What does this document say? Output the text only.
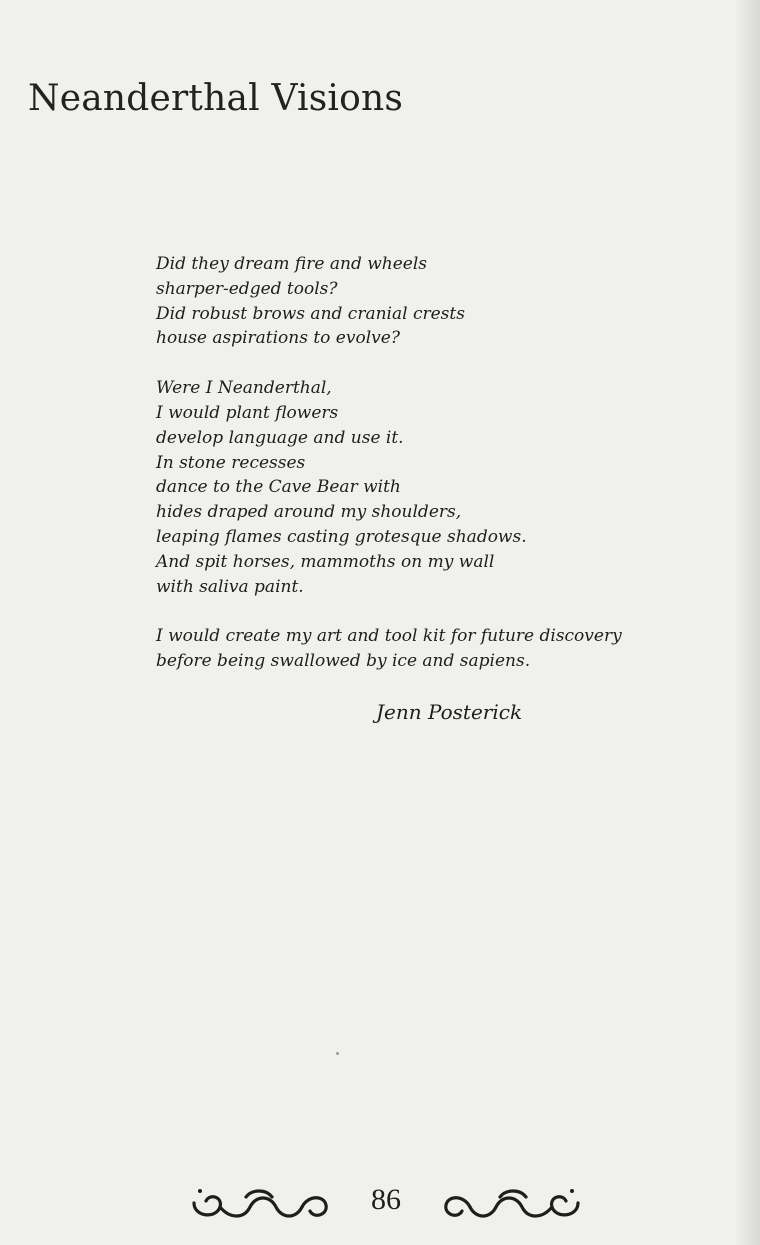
Neanderthal Visions
Did they dream fire and wheels
sharper-edged tools?
Did robust brows and cranial crests
house aspirations to evolve?
Were I Neanderthal,
I would plant flowers
develop language and use it.
In stone recesses
dance to the Cave Bear with
hides draped around my shoulders,
leaping flames casting grotesque shadows.
And spit horses, mammoths on my wall
with saliva paint.
I would create my art and tool kit for future discovery
before being swallowed by ice and sapiens.
Jenn Posterick
86
